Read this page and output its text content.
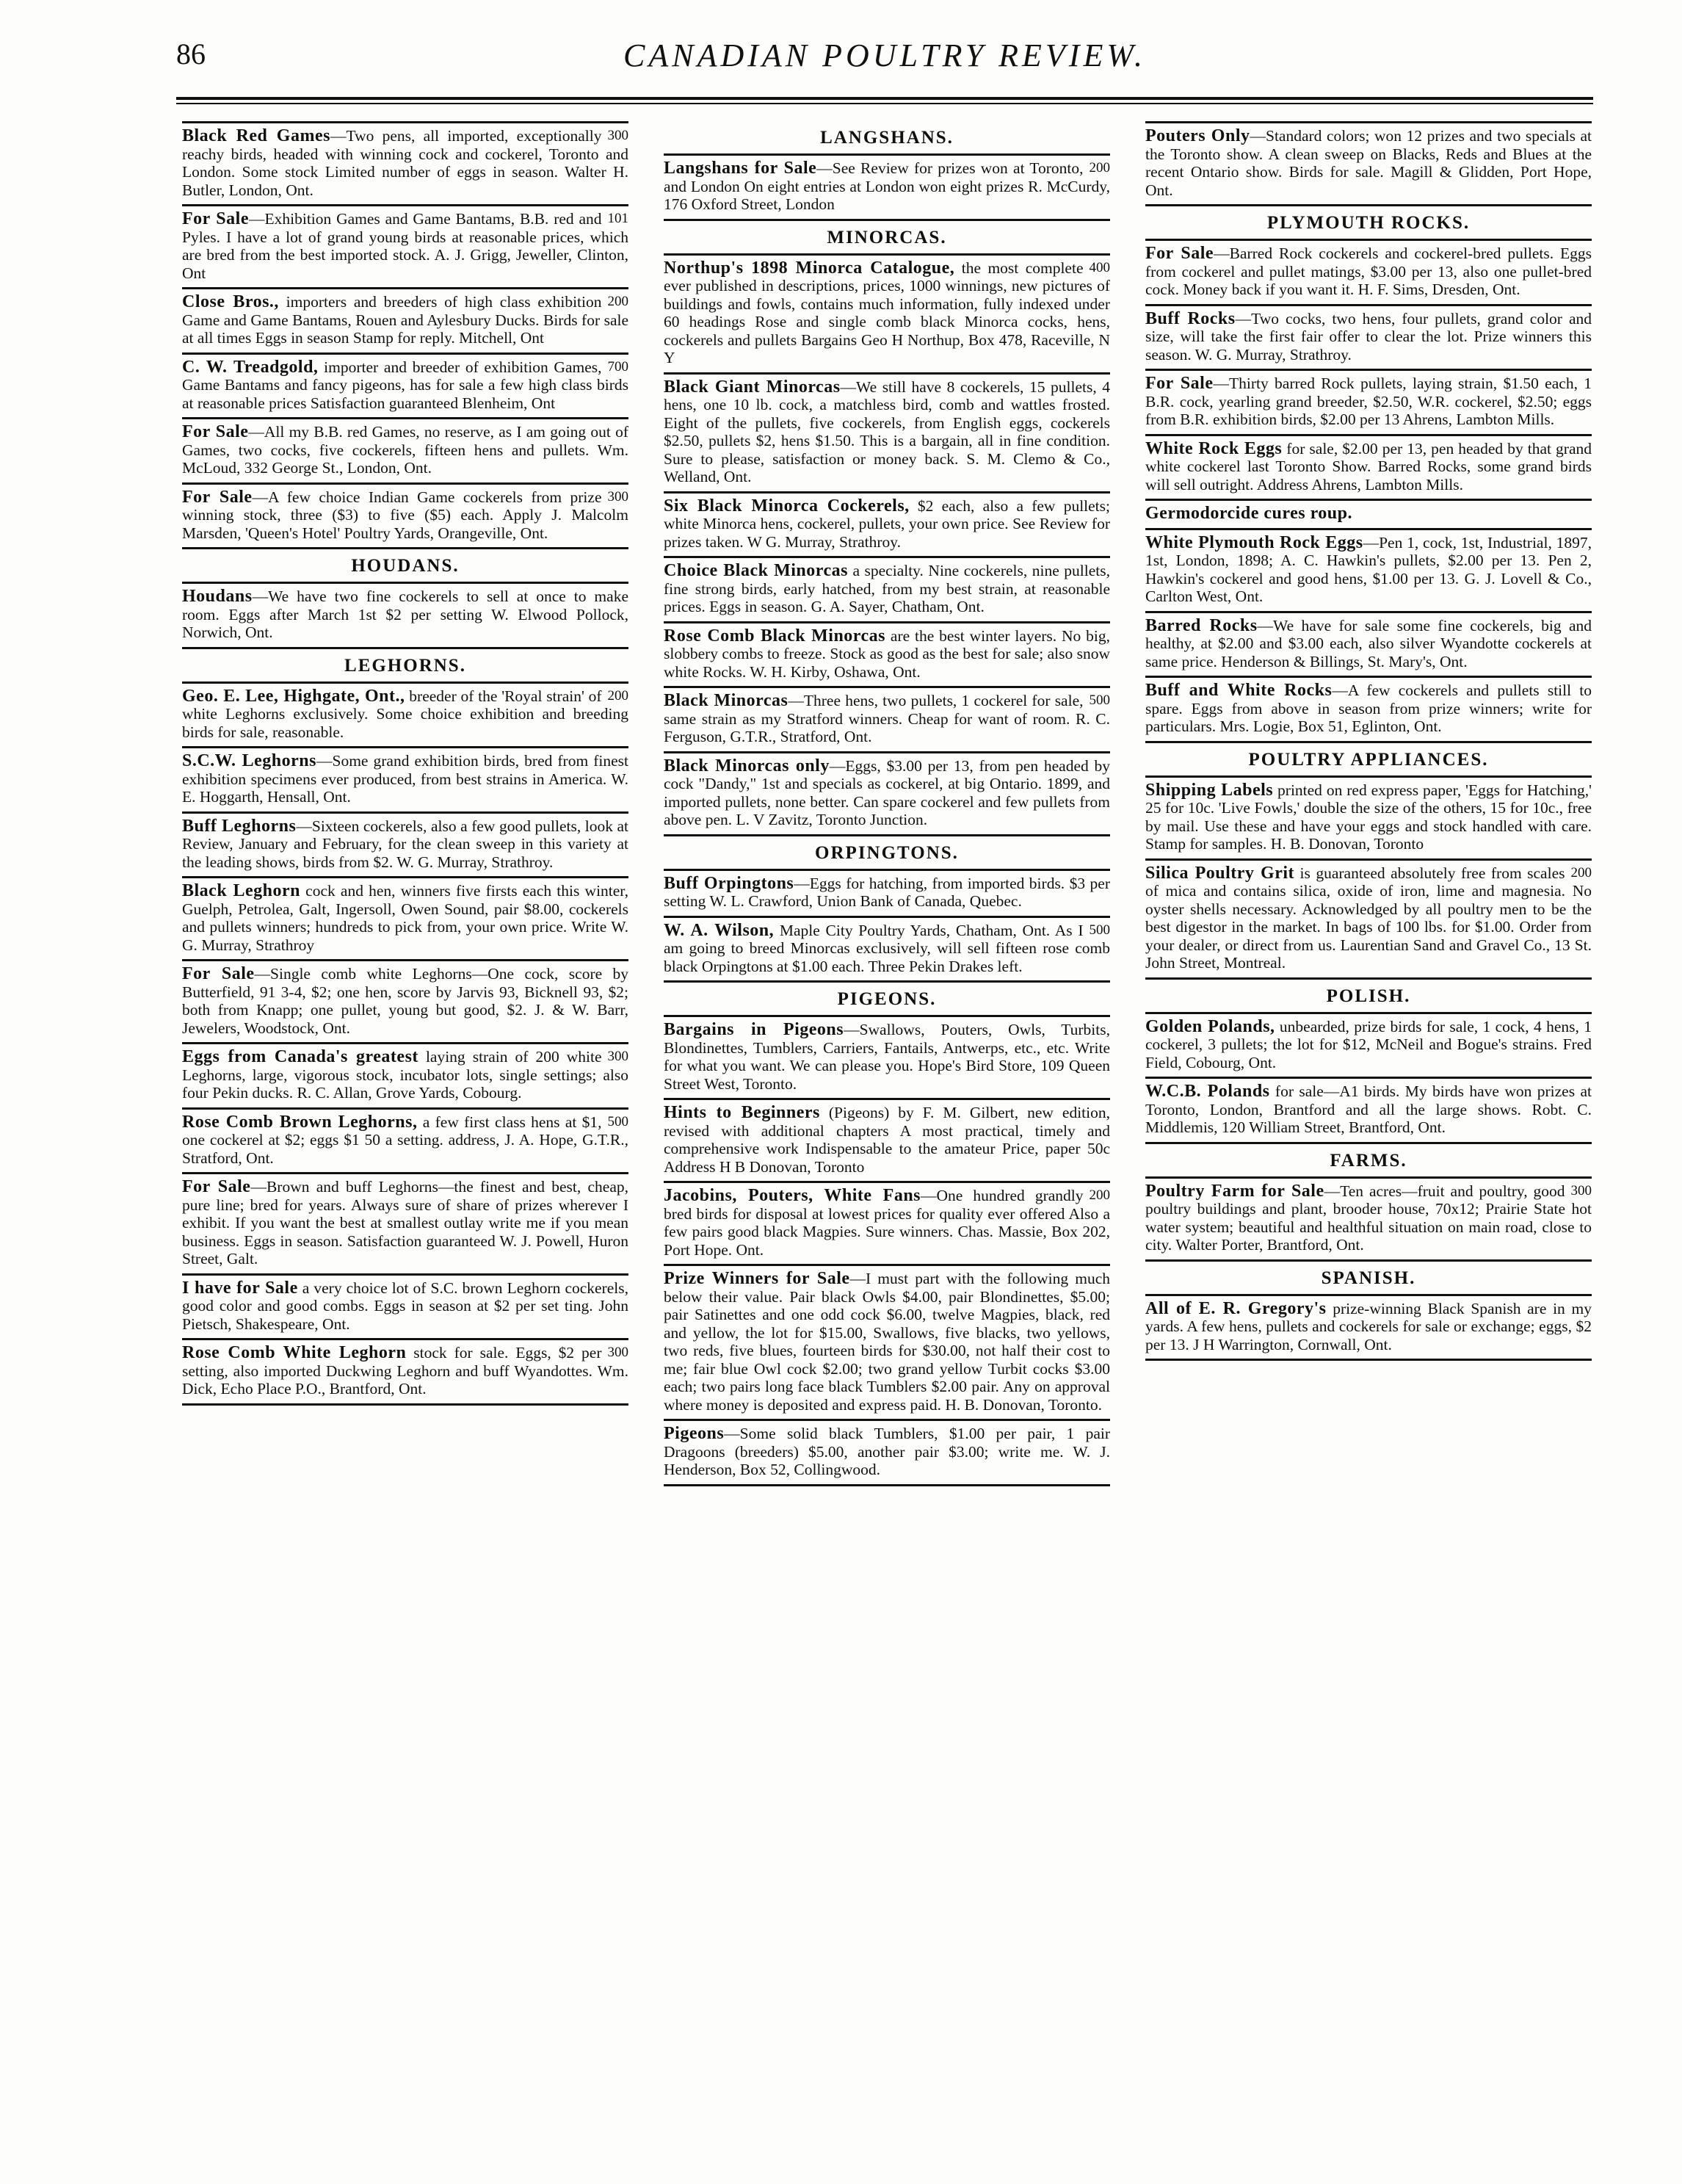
86	CANADIAN POULTRY REVIEW.
300
Black Red Games—Two pens, all imported, exceptionally reachy birds, headed with winning cock and cockerel, Toronto and London. Some stock Limited number of eggs in season. Walter H. Butler, London, Ont.
101
For Sale—Exhibition Games and Game Bantams, B.B. red and Pyles. I have a lot of grand young birds at reasonable prices, which are bred from the best imported stock. A. J. Grigg, Jeweller, Clinton, Ont
200
Close Bros., importers and breeders of high class exhibition Game and Game Bantams, Rouen and Aylesbury Ducks. Birds for sale at all times Eggs in season Stamp for reply. Mitchell, Ont
700
C. W. Treadgold, importer and breeder of exhibition Games, Game Bantams and fancy pigeons, has for sale a few high class birds at reasonable prices Satisfaction guaranteed Blenheim, Ont
For Sale—All my B.B. red Games, no reserve, as I am going out of Games, two cocks, five cockerels, fifteen hens and pullets. Wm. McLoud, 332 George St., London, Ont.
300
For Sale—A few choice Indian Game cockerels from prize winning stock, three ($3) to five ($5) each. Apply J. Malcolm Marsden, 'Queen's Hotel' Poultry Yards, Orangeville, Ont.
HOUDANS.
Houdans—We have two fine cockerels to sell at once to make room. Eggs after March 1st $2 per setting W. Elwood Pollock, Norwich, Ont.
LEGHORNS.
200
Geo. E. Lee, Highgate, Ont., breeder of the 'Royal strain' of white Leghorns exclusively. Some choice exhibition and breeding birds for sale, reasonable.
S.C.W. Leghorns—Some grand exhibition birds, bred from finest exhibition specimens ever produced, from best strains in America. W. E. Hoggarth, Hensall, Ont.
Buff Leghorns—Sixteen cockerels, also a few good pullets, look at Review, January and February, for the clean sweep in this variety at the leading shows, birds from $2. W. G. Murray, Strathroy.
Black Leghorn cock and hen, winners five firsts each this winter, Guelph, Petrolea, Galt, Ingersoll, Owen Sound, pair $8.00, cockerels and pullets winners; hundreds to pick from, your own price. Write W. G. Murray, Strathroy
For Sale—Single comb white Leghorns—One cock, score by Butterfield, 91 3-4, $2; one hen, score by Jarvis 93, Bicknell 93, $2; both from Knapp; one pullet, young but good, $2. J. & W. Barr, Jewelers, Woodstock, Ont.
300
Eggs from Canada's greatest laying strain of 200 white Leghorns, large, vigorous stock, incubator lots, single settings; also four Pekin ducks. R. C. Allan, Grove Yards, Cobourg.
500
Rose Comb Brown Leghorns, a few first class hens at $1, one cockerel at $2; eggs $1 50 a setting. address, J. A. Hope, G.T.R., Stratford, Ont.
For Sale—Brown and buff Leghorns—the finest and best, cheap, pure line; bred for years. Always sure of share of prizes wherever I exhibit. If you want the best at smallest outlay write me if you mean business. Eggs in season. Satisfaction guaranteed W. J. Powell, Huron Street, Galt.
I have for Sale a very choice lot of S.C. brown Leghorn cockerels, good color and good combs. Eggs in season at $2 per set ting. John Pietsch, Shakespeare, Ont.
300
Rose Comb White Leghorn stock for sale. Eggs, $2 per setting, also imported Duckwing Leghorn and buff Wyandottes. Wm. Dick, Echo Place P.O., Brantford, Ont.
LANGSHANS.
200
Langshans for Sale—See Review for prizes won at Toronto, and London On eight entries at London won eight prizes R. McCurdy, 176 Oxford Street, London
MINORCAS.
400
Northup's 1898 Minorca Catalogue, the most complete ever published in descriptions, prices, 1000 winnings, new pictures of buildings and fowls, contains much information, fully indexed under 60 headings Rose and single comb black Minorca cocks, hens, cockerels and pullets Bargains Geo H Northup, Box 478, Raceville, N Y
Black Giant Minorcas—We still have 8 cockerels, 15 pullets, 4 hens, one 10 lb. cock, a matchless bird, comb and wattles frosted. Eight of the pullets, five cockerels, from English eggs, cockerels $2.50, pullets $2, hens $1.50. This is a bargain, all in fine condition. Sure to please, satisfaction or money back. S. M. Clemo & Co., Welland, Ont.
Six Black Minorca Cockerels, $2 each, also a few pullets; white Minorca hens, cockerel, pullets, your own price. See Review for prizes taken. W G. Murray, Strathroy.
Choice Black Minorcas a specialty. Nine cockerels, nine pullets, fine strong birds, early hatched, from my best strain, at reasonable prices. Eggs in season. G. A. Sayer, Chatham, Ont.
Rose Comb Black Minorcas are the best winter layers. No big, slobbery combs to freeze. Stock as good as the best for sale; also snow white Rocks. W. H. Kirby, Oshawa, Ont.
500
Black Minorcas—Three hens, two pullets, 1 cockerel for sale, same strain as my Stratford winners. Cheap for want of room. R. C. Ferguson, G.T.R., Stratford, Ont.
Black Minorcas only—Eggs, $3.00 per 13, from pen headed by cock "Dandy," 1st and specials as cockerel, at big Ontario. 1899, and imported pullets, none better. Can spare cockerel and few pullets from above pen. L. V Zavitz, Toronto Junction.
ORPINGTONS.
Buff Orpingtons—Eggs for hatching, from imported birds. $3 per setting W. L. Crawford, Union Bank of Canada, Quebec.
500
W. A. Wilson, Maple City Poultry Yards, Chatham, Ont. As I am going to breed Minorcas exclusively, will sell fifteen rose comb black Orpingtons at $1.00 each. Three Pekin Drakes left.
PIGEONS.
Bargains in Pigeons—Swallows, Pouters, Owls, Turbits, Blondinettes, Tumblers, Carriers, Fantails, Antwerps, etc., etc. Write for what you want. We can please you. Hope's Bird Store, 109 Queen Street West, Toronto.
Hints to Beginners (Pigeons) by F. M. Gilbert, new edition, revised with additional chapters A most practical, timely and comprehensive work Indispensable to the amateur Price, paper 50c Address H B Donovan, Toronto
200
Jacobins, Pouters, White Fans—One hundred grandly bred birds for disposal at lowest prices for quality ever offered Also a few pairs good black Magpies. Sure winners. Chas. Massie, Box 202, Port Hope. Ont.
Prize Winners for Sale—I must part with the following much below their value. Pair black Owls $4.00, pair Blondinettes, $5.00; pair Satinettes and one odd cock $6.00, twelve Magpies, black, red and yellow, the lot for $15.00, Swallows, five blacks, two yellows, two reds, five blues, fourteen birds for $30.00, not half their cost to me; fair blue Owl cock $2.00; two grand yellow Turbit cocks $3.00 each; two pairs long face black Tumblers $2.00 pair. Any on approval where money is deposited and express paid. H. B. Donovan, Toronto.
Pigeons—Some solid black Tumblers, $1.00 per pair, 1 pair Dragoons (breeders) $5.00, another pair $3.00; write me. W. J. Henderson, Box 52, Collingwood.
Pouters Only—Standard colors; won 12 prizes and two specials at the Toronto show. A clean sweep on Blacks, Reds and Blues at the recent Ontario show. Birds for sale. Magill & Glidden, Port Hope, Ont.
PLYMOUTH ROCKS.
For Sale—Barred Rock cockerels and cockerel-bred pullets. Eggs from cockerel and pullet matings, $3.00 per 13, also one pullet-bred cock. Money back if you want it. H. F. Sims, Dresden, Ont.
Buff Rocks—Two cocks, two hens, four pullets, grand color and size, will take the first fair offer to clear the lot. Prize winners this season. W. G. Murray, Strathroy.
For Sale—Thirty barred Rock pullets, laying strain, $1.50 each, 1 B.R. cock, yearling grand breeder, $2.50, W.R. cockerel, $2.50; eggs from B.R. exhibition birds, $2.00 per 13 Ahrens, Lambton Mills.
White Rock Eggs for sale, $2.00 per 13, pen headed by that grand white cockerel last Toronto Show. Barred Rocks, some grand birds will sell outright. Address Ahrens, Lambton Mills.
Germodorcide cures roup.
White Plymouth Rock Eggs—Pen 1, cock, 1st, Industrial, 1897, 1st, London, 1898; A. C. Hawkin's pullets, $2.00 per 13. Pen 2, Hawkin's cockerel and good hens, $1.00 per 13. G. J. Lovell & Co., Carlton West, Ont.
Barred Rocks—We have for sale some fine cockerels, big and healthy, at $2.00 and $3.00 each, also silver Wyandotte cockerels at same price. Henderson & Billings, St. Mary's, Ont.
Buff and White Rocks—A few cockerels and pullets still to spare. Eggs from above in season from prize winners; write for particulars. Mrs. Logie, Box 51, Eglinton, Ont.
POULTRY APPLIANCES.
Shipping Labels printed on red express paper, 'Eggs for Hatching,' 25 for 10c. 'Live Fowls,' double the size of the others, 15 for 10c., free by mail. Use these and have your eggs and stock handled with care. Stamp for samples. H. B. Donovan, Toronto
200
Silica Poultry Grit is guaranteed absolutely free from scales of mica and contains silica, oxide of iron, lime and magnesia. No oyster shells necessary. Acknowledged by all poultry men to be the best digestor in the market. In bags of 100 lbs. for $1.00. Order from your dealer, or direct from us. Laurentian Sand and Gravel Co., 13 St. John Street, Montreal.
POLISH.
Golden Polands, unbearded, prize birds for sale, 1 cock, 4 hens, 1 cockerel, 3 pullets; the lot for $12, McNeil and Bogue's strains. Fred Field, Cobourg, Ont.
W.C.B. Polands for sale—A1 birds. My birds have won prizes at Toronto, London, Brantford and all the large shows. Robt. C. Middlemis, 120 William Street, Brantford, Ont.
FARMS.
300
Poultry Farm for Sale—Ten acres—fruit and poultry, good poultry buildings and plant, brooder house, 70x12; Prairie State hot water system; beautiful and healthful situation on main road, close to city. Walter Porter, Brantford, Ont.
SPANISH.
All of E. R. Gregory's prize-winning Black Spanish are in my yards. A few hens, pullets and cockerels for sale or exchange; eggs, $2 per 13. J H Warrington, Cornwall, Ont.
